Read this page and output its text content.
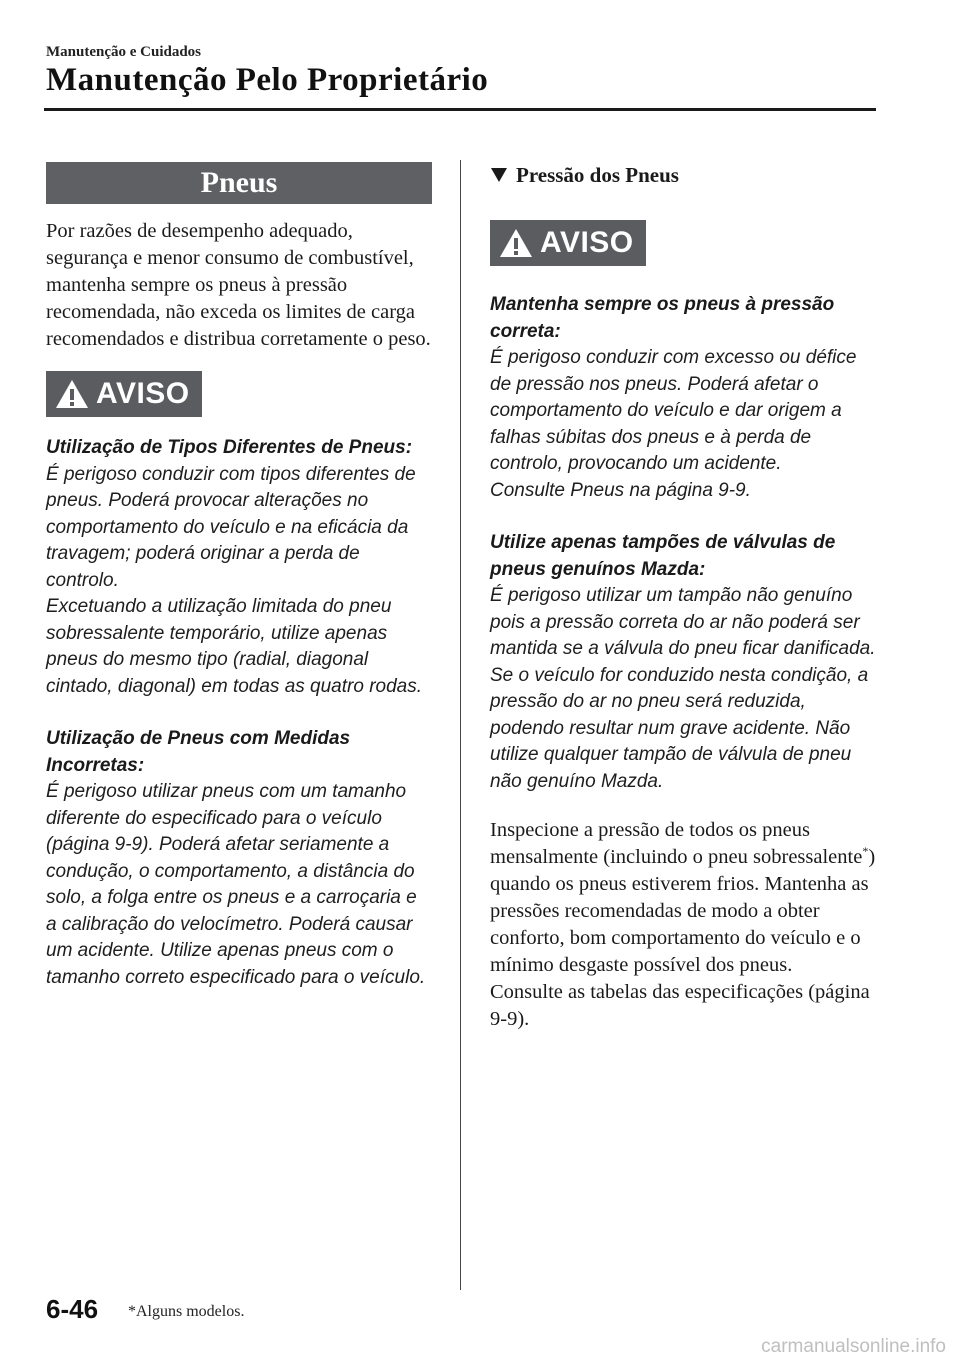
Manutenção e Cuidados
Manutenção Pelo Proprietário
Pneus

Por razões de desempenho adequado, segurança e menor consumo de combustível, mantenha sempre os pneus à pressão recomendada, não exceda os limites de carga recomendados e distribua corretamente o peso.

AVISO

Utilização de Tipos Diferentes de Pneus:

É perigoso conduzir com tipos diferentes de pneus. Poderá provocar alterações no comportamento do veículo e na eficácia da travagem; poderá originar a perda de controlo.

Excetuando a utilização limitada do pneu sobressalente temporário, utilize apenas pneus do mesmo tipo (radial, diagonal cintado, diagonal) em todas as quatro rodas.

Utilização de Pneus com Medidas Incorretas:

É perigoso utilizar pneus com um tamanho diferente do especificado para o veículo (página 9-9). Poderá afetar seriamente a condução, o comportamento, a distância do solo, a folga entre os pneus e a carroçaria e a calibração do velocímetro. Poderá causar um acidente. Utilize apenas pneus com o tamanho correto especificado para o veículo.

Pressão dos Pneus
AVISO

Mantenha sempre os pneus à pressão correta:

É perigoso conduzir com excesso ou défice de pressão nos pneus. Poderá afetar o comportamento do veículo e dar origem a falhas súbitas dos pneus e à perda de controlo, provocando um acidente.

Consulte Pneus na página 9-9.

Utilize apenas tampões de válvulas de pneus genuínos Mazda:

É perigoso utilizar um tampão não genuíno pois a pressão correta do ar não poderá ser mantida se a válvula do pneu ficar danificada. Se o veículo for conduzido nesta condição, a pressão do ar no pneu será reduzida, podendo resultar num grave acidente. Não utilize qualquer tampão de válvula de pneu não genuíno Mazda.

Inspecione a pressão de todos os pneus mensalmente (incluindo o pneu sobressalente*) quando os pneus estiverem frios. Mantenha as pressões recomendadas de modo a obter conforto, bom comportamento do veículo e o mínimo desgaste possível dos pneus.

Consulte as tabelas das especificações (página 9-9).

6-46 *Alguns modelos.
carmanualsonline.info
